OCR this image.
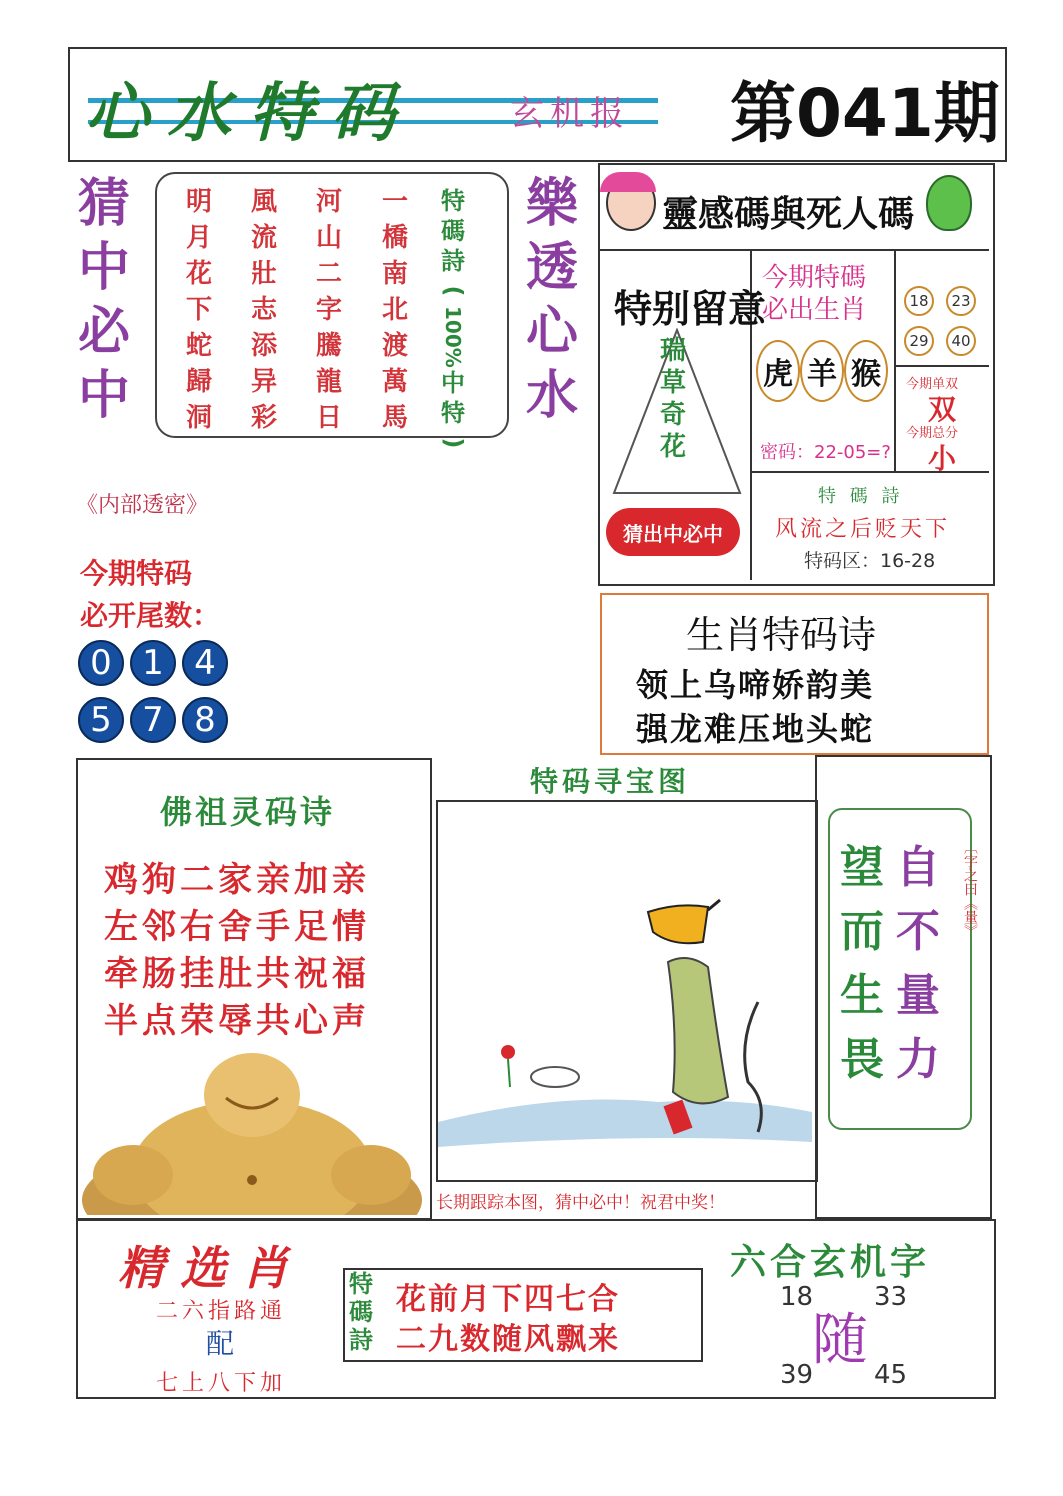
心水特码	玄机报 第041期
猜
中
必
中
明
月
花
下
蛇
歸
洞
風
流
壯
志
添
异
彩
河
山
二
字
騰
龍
日
一
橋
南
北
渡
萬
馬
特
碼
詩
(
100%
中
特
)
樂
透
心
水
靈感碼與死人碼
特别留意
瑞
草
奇
花
猜出中必中
今期特碼
必出生肖
虎 羊 猴
密码：22-05=?
18	23
29	40
今期单双
双
今期总分
小
特 碼 詩
风流之后贬天下
特码区：16-28
《内部透密》
今期特码
必开尾数：
0 1 4
5 7 8
生肖特码诗
领上乌啼娇韵美
强龙难压地头蛇
佛祖灵码诗
鸡狗二家亲加亲
左邻右舍手足情
牵肠挂肚共祝福
半点荣辱共心声
特码寻宝图
长期跟踪本图，猜中必中！祝君中奖！
自
不
量
力
望
而
生
畏
〔字之曰《量》
精选肖
二六指路通
配
七上八下加
特
碼
詩
花前月下四七合
二九数随风飘来
六合玄机字
18 33
39 45
随
